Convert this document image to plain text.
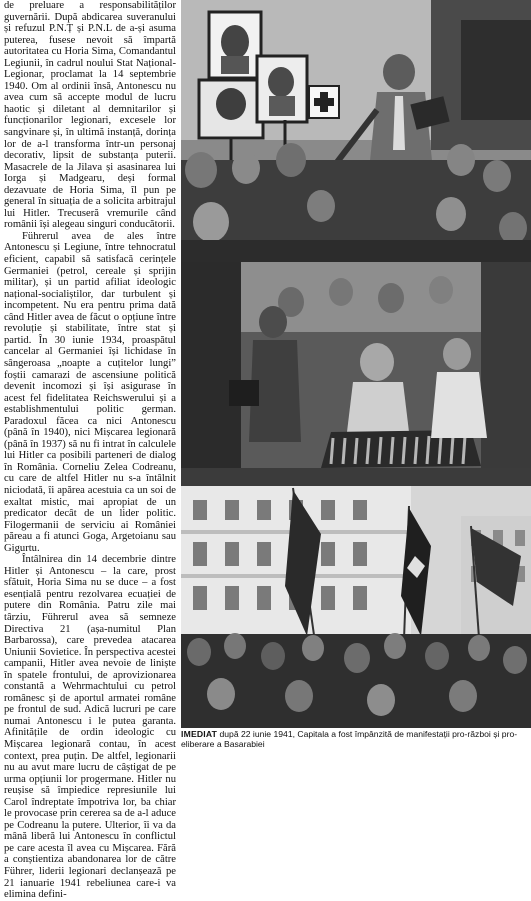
de preluare a responsabilităților guvernării. După abdicarea suveranului și refuzul P.N.Ț și P.N.L de a-și asuma puterea, fusese nevoit să împartă autoritatea cu Horia Sima, Comandantul Legiunii, în cadrul noului Stat Național-Legionar, proclamat la 14 septembrie 1940. Om al ordinii însă, Antonescu nu avea cum să accepte modul de lucru haotic și diletant al demnitarilor și funcționarilor legionari, excesele lor sangvinare și, în ultimă instanță, dorința lor de a-l transforma într-un personaj decorativ, lipsit de substanța puterii. Masacrele de la Jilava și asasinarea lui Iorga și Madgearu, deși formal dezavuate de Horia Sima, îl pun pe general în situația de a solicita arbitrajul lui Hitler. Trecuseră vremurile când românii își alegeau singuri conducătorii.

Führerul avea de ales între Antonescu și Legiune, între tehnocratul eficient, capabil să satisfacă cerințele Germaniei (petrol, cereale și sprijin militar), și un partid afiliat ideologic național-socialiștilor, dar turbulent și incompetent. Nu era pentru prima dată când Hitler avea de făcut o opțiune între revoluție și stabilitate, între stat și partid. În 30 iunie 1934, proaspătul cancelar al Germaniei își lichidase în sângeroasa „noapte a cuțitelor lungi” foștii camarazi de ascensiune politică devenit incomozi și își asigurase în acest fel fidelitatea Reichswerului și a establishmentului politic german. Paradoxul făcea ca nici Antonescu (până în 1940), nici Mișcarea legionară (până în 1937) să nu fi intrat în calculele lui Hitler ca posibili parteneri de dialog în România. Corneliu Zelea Codreanu, cu care de altfel Hitler nu s-a întâlnit niciodată, îi apărea acestuia ca un soi de exaltat mistic, mai apropiat de un predicator decât de un lider politic. Filogermanii de serviciu ai României păreau a fi atunci Goga, Argetoianu sau Gigurtu.

Întâlnirea din 14 decembrie dintre Hitler și Antonescu – la care, prost sfătuit, Horia Sima nu se duce – a fost esențială pentru rezolvarea ecuației de putere din România. Patru zile mai târziu, Führerul avea să semneze Directiva 21 (așa-numitul Plan Barbarossa), care prevedea atacarea Uniunii Sovietice. În perspectiva acestei campanii, Hitler avea nevoie de liniște în spatele frontului, de aprovizionarea constantă a Wehrmachtului cu petrol românesc și de aportul armatei române pe frontul de sud. Adică lucruri pe care numai Antonescu i le putea garanta. Afinitățile de ordin ideologic cu Mișcarea legionară contau, în acest context, prea puțin. De altfel, legionarii nu au avut mare lucru de câștigat de pe urma opțiunii lor progermane. Hitler nu reușise să împiedice represiunile lui Carol îndreptate împotriva lor, ba chiar le provocase prin cererea sa de a-l aduce pe Codreanu la putere. Ulterior, îi va da mână liberă lui Antonescu în conflictul pe care acesta îl avea cu Mișcarea. Fără a conștientiza abandonarea lor de către Führer, liderii legionari declanșează pe 21 ianuarie 1941 rebeliunea care-i va elimina defini-

IMEDIAT după 22 iunie 1941, Capitala a fost împânzită de manifestații pro-război și pro-eliberare a Basarabiei
